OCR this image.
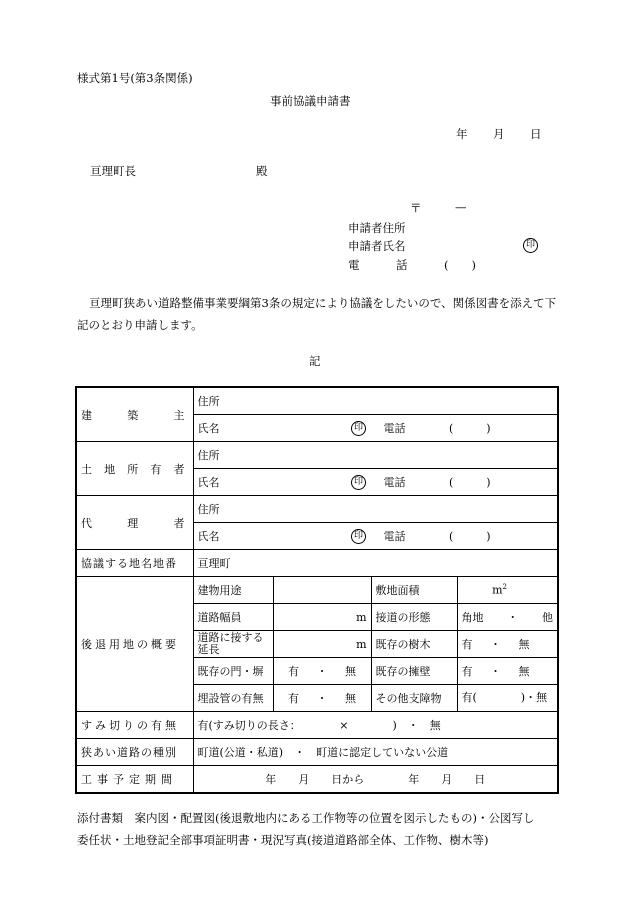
様式第1号(第3条関係)
事前協議申請書
年 月 日
亘理町長	殿
〒	—
申請者住所
申請者氏名	印
電	話	(　　)
亘理町狭あい道路整備事業要綱第3条の規定により協議をしたいので、関係図書を添えて下記のとおり申請します。
記
建 築 主	住所			
	氏名 印 電話 (　　　)			

土 地 所 有 者	住所			
	氏名 印 電話 (　　　)			

代 理 者	住所			
	氏名 印 電話 (　　　)			
協議する地名地番	亘理町			
後退用地の概要	建物用途		敷地面積	$m^2$
	道路幅員	m	接道の形態	角地 ・ 他

	道路に接する延長	m	既存の樹木	有 ・ 無
	既存の門・塀	有 ・ 無	既存の擁壁	有 ・ 無
	埋設管の有無	有 ・ 無	その他支障物	有(　　　　)・無
すみ切りの有無	有(すみ切りの長さ：　　　　×　　　　)　・　無			
狭あい道路の種別	町道(公道・私道)　・　町道に認定していない公道			
工事予定期間	年　　月　　日から　　　　年　　月　　日			
添付書類　案内図・配置図(後退敷地内にある工作物等の位置を図示したもの)・公図写し
委任状・土地登記全部事項証明書・現況写真(接道道路部全体、工作物、樹木等)
